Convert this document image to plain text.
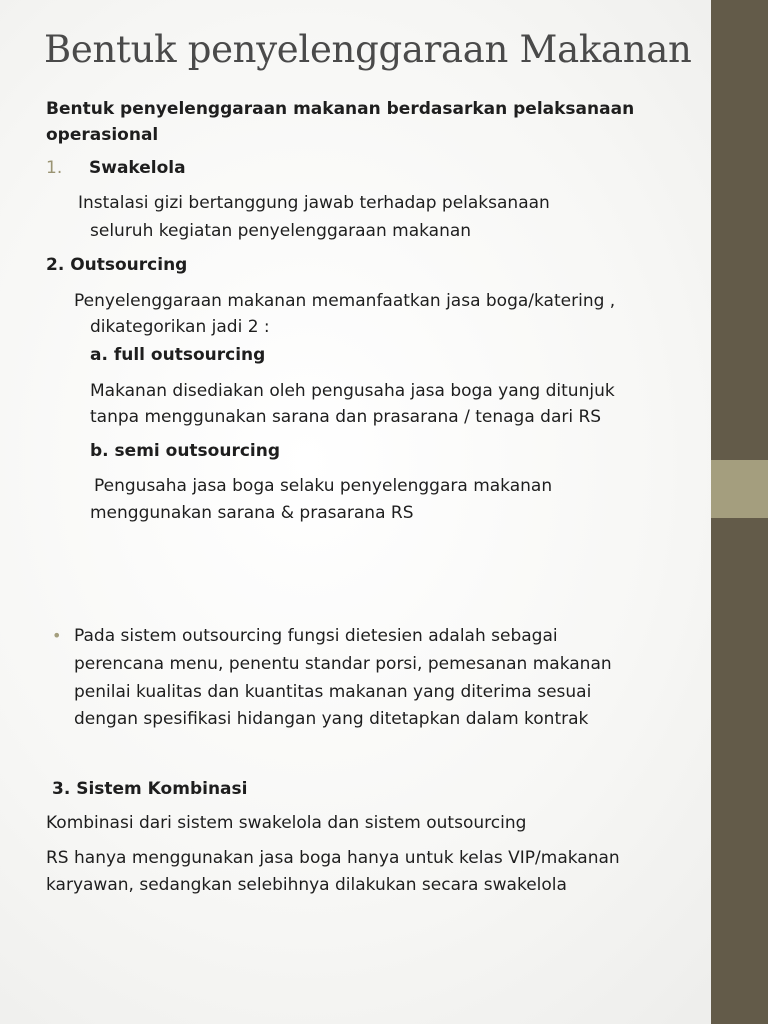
Bentuk penyelenggaraan Makanan

Bentuk penyelenggaraan makanan berdasarkan pelaksanaan

operasional

1. Swakelola

Instalasi gizi bertanggung jawab terhadap pelaksanaan

seluruh kegiatan penyelenggaraan makanan

2. Outsourcing

Penyelenggaraan makanan memanfaatkan jasa boga/katering ,

dikategorikan jadi 2 :

a. full outsourcing

Makanan disediakan oleh pengusaha jasa boga yang ditunjuk

tanpa menggunakan sarana dan prasarana / tenaga dari RS

b. semi outsourcing

Pengusaha jasa boga selaku penyelenggara makanan

menggunakan sarana & prasarana RS

• Pada sistem outsourcing fungsi dietesien adalah sebagai

perencana menu, penentu standar porsi, pemesanan makanan

penilai kualitas dan kuantitas makanan yang diterima sesuai

dengan spesifikasi hidangan yang ditetapkan dalam kontrak

3. Sistem Kombinasi

Kombinasi dari sistem swakelola dan sistem outsourcing

RS hanya menggunakan jasa boga hanya untuk kelas VIP/makanan

karyawan, sedangkan selebihnya dilakukan secara swakelola
